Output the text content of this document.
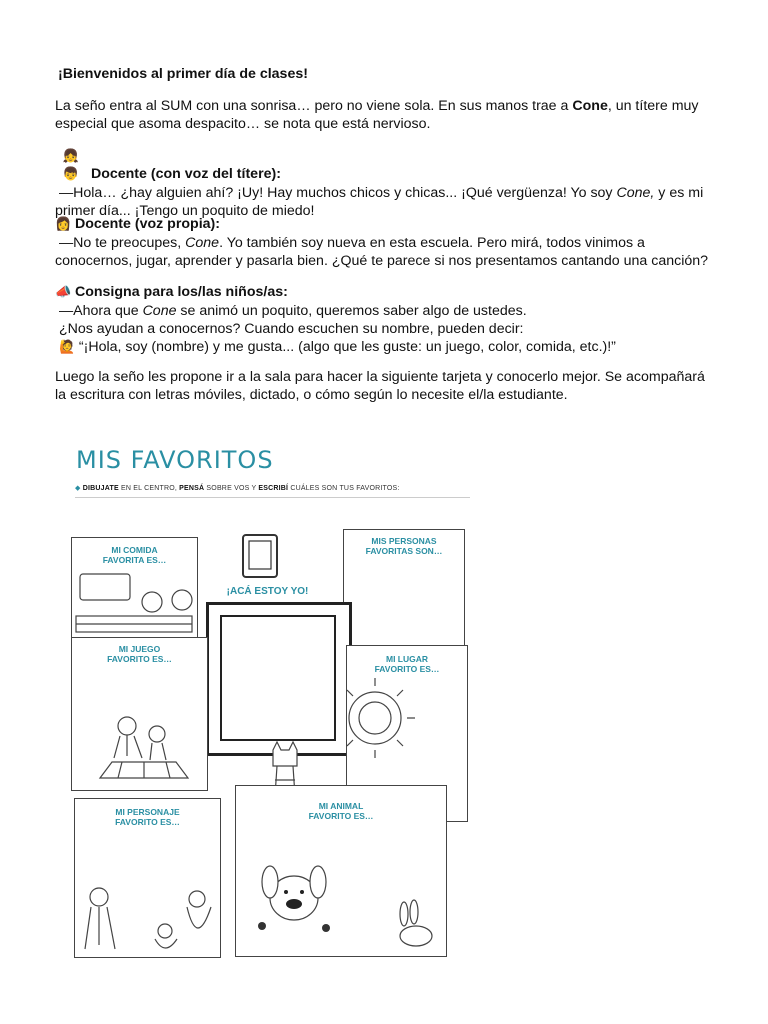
¡Bienvenidos al primer día de clases!

La seño entra al SUM con una sonrisa… pero no viene sola. En sus manos trae a Cone, un títere muy especial que asoma despacito… se nota que está nervioso.

👧👦 Docente (con voz del títere):

—Hola… ¿hay alguien ahí? ¡Uy! Hay muchos chicos y chicas... ¡Qué vergüenza! Yo soy Cone, y es mi primer día... ¡Tengo un poquito de miedo!

👩 Docente (voz propia):

—No te preocupes, Cone. Yo también soy nueva en esta escuela. Pero mirá, todos vinimos a conocernos, jugar, aprender y pasarla bien. ¿Qué te parece si nos presentamos cantando una canción?

📣 Consigna para los/las niños/as:

—Ahora que Cone se animó un poquito, queremos saber algo de ustedes.

¿Nos ayudan a conocernos? Cuando escuchen su nombre, pueden decir:

🙋 “¡Hola, soy (nombre) y me gusta... (algo que les guste: un juego, color, comida, etc.)!”

Luego la seño les propone ir a la sala para hacer la siguiente tarjeta y conocerlo mejor. Se acompañará la escritura con letras móviles, dictado, o cómo según lo necesite el/la estudiante.

MIS FAVORITOS
◆ DIBUJATE EN EL CENTRO, PENSÁ SOBRE VOS Y ESCRIBÍ CUÁLES SON TUS FAVORITOS:
MI COMIDA
FAVORITA ES…
¡ACÁ ESTOY YO!
MIS PERSONAS
FAVORITAS SON…
MI JUEGO
FAVORITO ES…	MI LUGAR
FAVORITO ES…
MI PERSONAJE
FAVORITO ES…
MI ANIMAL
FAVORITO ES…
